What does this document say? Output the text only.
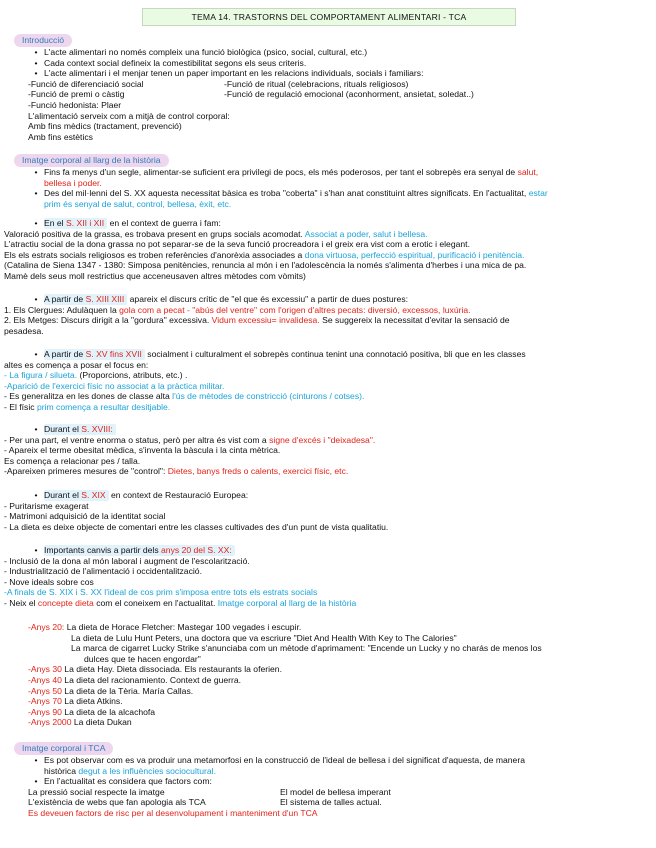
TEMA 14. TRASTORNS DEL COMPORTAMENT ALIMENTARI - TCA
Introducció
• L'acte alimentari no només compleix una funció biològica (psico, social, cultural, etc.)
• Cada context social defineix la comestibilitat segons els seus criteris.
• L'acte alimentari i el menjar tenen un paper important en les relacions individuals, socials i familiars:
-Funció de diferenciació social	-Funció de ritual (celebracions, rituals religiosos)
-Funció de premi o càstig	-Funció de regulació emocional (aconhorment, ansietat, soledat..)
-Funció hedonista: Plaer
L'alimentació serveix com a mitjà de control corporal:
Amb fins mèdics (tractament, prevenció)
Amb fins estètics
Imatge corporal al llarg de la història
• Fins fa menys d'un segle, alimentar-se suficient era privilegi de pocs, els més poderosos, per tant el sobrepès era senyal de salut,
bellesa i poder.
• Des del mil·lenni del S. XX aquesta necessitat bàsica es troba "coberta" i s'han anat constituint altres significats. En l'actualitat, estar
prim és senyal de salut, control, bellesa, èxit, etc.
• En el S. XII i XII en el context de guerra i fam:
Valoració positiva de la grassa, es trobava present en grups socials acomodat. Associat a poder, salut i bellesa.
L'atractiu social de la dona grassa no pot separar-se de la seva funció procreadora i el greix era vist com a erotic i elegant.
Els els estrats socials religiosos es troben referències d'anorèxia associades a dona virtuosa, perfecció espiritual, purificació i penitència.
(Catalina de Siena 1347 - 1380: Simposa penitències, renuncia al món i en l'adolescència la només s'alimenta d'herbes i una mica de pa.
Mamè dels seus moll restrictius que acceneusaven altres mètodes com vòmits)
• A partir de S. XIII XIII apareix el discurs crític de "el que és excessiu" a partir de dues postures:
1. Els Clergues: Adulàquen la gola com a pecat - "abús del ventre" com l'origen d'altres pecats: diversió, excessos, luxúria.
2. Els Metges: Discurs dirigit a la "gordura" excessiva. Vidum excessiu= invalidesa. Se suggereix la necessitat d'evitar la sensació de
pesadesa.
• A partir de S. XV fins XVII socialment i culturalment el sobrepès continua tenint una connotació positiva, bli que en les classes
altes es comença a posar el focus en:
- La figura / silueta. (Proporcions, atributs, etc.) .
-Aparició de l'exercici físic no associat a la pràctica militar.
- Es generalitza en les dones de classe alta l'ús de mètodes de constricció (cinturons / cotses).
- El físic prim comença a resultar desitjable.
• Durant el S. XVIII:
- Per una part, el ventre enorma o status, però per altra és vist com a signe d'excés i "deixadesa".
- Apareix el terme obesitat mèdica, s'inventa la bàscula i la cinta mètrica.
Es comença a relacionar pes / talla.
-Apareixen primeres mesures de "control": Dietes, banys freds o calents, exercici físic, etc.
• Durant el S. XIX en context de Restauració Europea:
- Puritarisme exagerat
- Matrimoni adquisició de la identitat social
- La dieta es deixe objecte de comentari entre les classes cultivades des d'un punt de vista qualitatiu.
• Importants canvis a partir dels anys 20 del S. XX:
- Inclusió de la dona al món laboral i augment de l'escolarització.
- Industrialització de l'alimentació i occidentalització.
- Nove ideals sobre cos
-A finals de S. XIX i S. XX l'ideal de cos prim s'imposa entre tots els estrats socials
- Neix el concepte dieta com el coneixem en l'actualitat. Imatge corporal al llarg de la història
-Anys 20: La dieta de Horace Fletcher: Mastegar 100 vegades i escupir.
La dieta de Lulu Hunt Peters, una doctora que va escriure "Diet And Health With Key to The Calories"
La marca de cigarret Lucky Strike s'anunciaba com un mètode d'aprimament: "Encende un Lucky y no charás de menos los
dulces que te hacen engordar"
-Anys 30 La dieta Hay. Dieta dissociada. Els restaurants la oferien.
-Anys 40 La dieta del racionamiento. Context de guerra.
-Anys 50 La dieta de la Tèria. María Callas.
-Anys 70 La dieta Atkins.
-Anys 90 La dieta de la alcachofa
-Anys 2000 La dieta Dukan
Imatge corporal i TCA
• Es pot observar com es va produir una metamorfosi en la construcció de l'ideal de bellesa i del significat d'aquesta, de manera
històrica degut a les influències sociocultural.
• En l'actualitat es considera que factors com:
La pressió social respecte la imatge	El model de bellesa imperant
L'existència de webs que fan apologia als TCA	El sistema de talles actual.
Es deveuen factors de risc per al desenvolupament i manteniment d'un TCA
